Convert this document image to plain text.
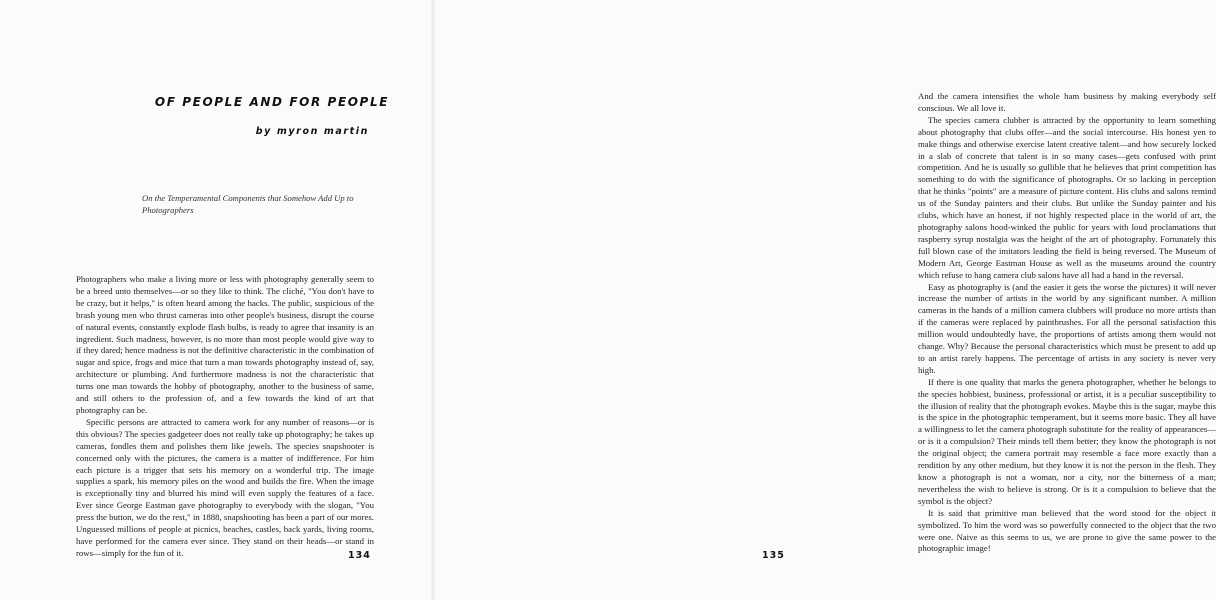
OF PEOPLE AND FOR PEOPLE
by myron martin
On the Temperamental Components that Somehow Add Up to Photographers

Photographers who make a living more or less with photography generally seem to be a breed unto themselves—or so they like to think. The cliché, "You don't have to be crazy, but it helps," is often heard among the hacks. The public, suspicious of the brash young men who thrust cameras into other people's business, disrupt the course of natural events, constantly explode flash bulbs, is ready to agree that insanity is an ingredient. Such madness, however, is no more than most people would give way to if they dared; hence madness is not the definitive characteristic in the combination of sugar and spice, frogs and mice that turn a man towards photography instead of, say, architecture or plumbing. And furthermore madness is not the characteristic that turns one man towards the hobby of photography, another to the business of same, and still others to the profession of, and a few towards the kind of art that photography can be.

Specific persons are attracted to camera work for any number of reasons—or is this obvious? The species gadgeteer does not really take up photography; he takes up cameras, fondles them and polishes them like jewels. The species snapshooter is concerned only with the pictures, the camera is a matter of indifference. For him each picture is a trigger that sets his memory on a wonderful trip. The image supplies a spark, his memory piles on the wood and builds the fire. When the image is exceptionally tiny and blurred his mind will even supply the features of a face. Ever since George Eastman gave photography to everybody with the slogan, "You press the button, we do the rest," in 1888, snapshooting has been a part of our mores. Unguessed millions of people at picnics, beaches, castles, back yards, living rooms, have performed for the camera ever since. They stand on their heads—or stand in rows—simply for the fun of it.

And the camera intensifies the whole ham business by making everybody self conscious. We all love it.

The species camera clubber is attracted by the opportunity to learn something about photography that clubs offer—and the social intercourse. His honest yen to make things and otherwise exercise latent creative talent—and how securely locked in a slab of concrete that talent is in so many cases—gets confused with print competition. And he is usually so gullible that he believes that print competition has something to do with the significance of photographs. Or so lacking in perception that he thinks "points" are a measure of picture content. His clubs and salons remind us of the Sunday painters and their clubs. But unlike the Sunday painter and his clubs, which have an honest, if not highly respected place in the world of art, the photography salons hood-winked the public for years with loud proclamations that raspberry syrup nostalgia was the height of the art of photography. Fortunately this full blown case of the imitators leading the field is being reversed. The Museum of Modern Art, George Eastman House as well as the museums around the country which refuse to hang camera club salons have all had a hand in the reversal.

Easy as photography is (and the easier it gets the worse the pictures) it will never increase the number of artists in the world by any significant number. A million cameras in the hands of a million camera clubbers will produce no more artists than if the cameras were replaced by paintbrushes. For all the personal satisfaction this million would undoubtedly have, the proportions of artists among them would not change. Why? Because the personal characteristics which must be present to add up to an artist rarely happens. The percentage of artists in any society is never very high.

If there is one quality that marks the genera photographer, whether he belongs to the species hobbiest, business, professional or artist, it is a peculiar susceptibility to the illusion of reality that the photograph evokes. Maybe this is the sugar, maybe this is the spice in the photographic temperament, but it seems more basic. They all have a willingness to let the camera photograph substitute for the reality of appearances—or is it a compulsion? Their minds tell them better; they know the photograph is not the original object; the camera portrait may resemble a face more exactly than a rendition by any other medium, but they know it is not the person in the flesh. They know a photograph is not a woman, nor a city, nor the bitterness of a man; nevertheless the wish to believe is strong. Or is it a compulsion to believe that the symbol is the object?

It is said that primitive man believed that the word stood for the object it symbolized. To him the word was so powerfully connected to the object that the two were one. Naive as this seems to us, we are prone to give the same power to the photographic image!

134	135
